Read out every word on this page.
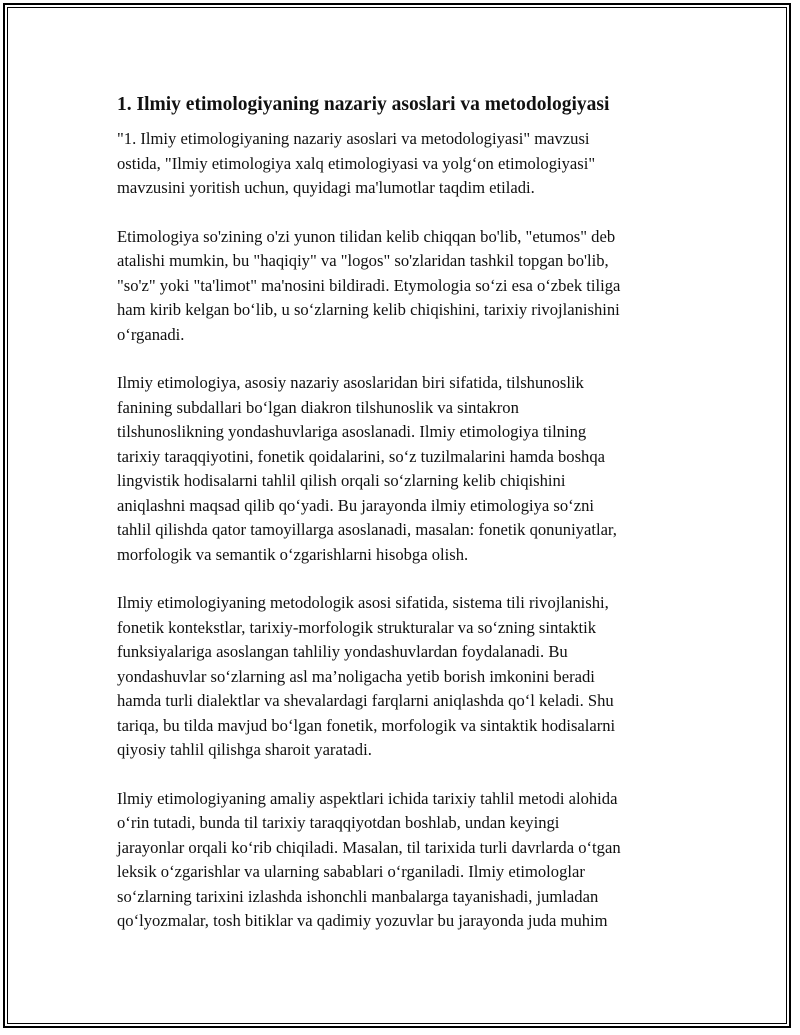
1. Ilmiy etimologiyaning nazariy asoslari va metodologiyasi

"1. Ilmiy etimologiyaning nazariy asoslari va metodologiyasi" mavzusi
ostida, "Ilmiy etimologiya xalq etimologiyasi va yolg‘on etimologiyasi"
mavzusini yoritish uchun, quyidagi ma'lumotlar taqdim etiladi.

Etimologiya so'zining o'zi yunon tilidan kelib chiqqan bo'lib, "etumos" deb
atalishi mumkin, bu "haqiqiy" va "logos" so'zlaridan tashkil topgan bo'lib,
"so'z" yoki "ta'limot" ma'nosini bildiradi. Etymologia so‘zi esa o‘zbek tiliga
ham kirib kelgan bo‘lib, u so‘zlarning kelib chiqishini, tarixiy rivojlanishini
o‘rganadi.

Ilmiy etimologiya, asosiy nazariy asoslaridan biri sifatida, tilshunoslik
fanining subdallari bo‘lgan diakron tilshunoslik va sintakron
tilshunoslikning yondashuvlariga asoslanadi. Ilmiy etimologiya tilning
tarixiy taraqqiyotini, fonetik qoidalarini, so‘z tuzilmalarini hamda boshqa
lingvistik hodisalarni tahlil qilish orqali so‘zlarning kelib chiqishini
aniqlashni maqsad qilib qo‘yadi. Bu jarayonda ilmiy etimologiya so‘zni
tahlil qilishda qator tamoyillarga asoslanadi, masalan: fonetik qonuniyatlar,
morfologik va semantik o‘zgarishlarni hisobga olish.

Ilmiy etimologiyaning metodologik asosi sifatida, sistema tili rivojlanishi,
fonetik kontekstlar, tarixiy-morfologik strukturalar va so‘zning sintaktik
funksiyalariga asoslangan tahliliy yondashuvlardan foydalanadi. Bu
yondashuvlar so‘zlarning asl ma’noligacha yetib borish imkonini beradi
hamda turli dialektlar va shevalardagi farqlarni aniqlashda qo‘l keladi. Shu
tariqa, bu tilda mavjud bo‘lgan fonetik, morfologik va sintaktik hodisalarni
qiyosiy tahlil qilishga sharoit yaratadi.

Ilmiy etimologiyaning amaliy aspektlari ichida tarixiy tahlil metodi alohida
o‘rin tutadi, bunda til tarixiy taraqqiyotdan boshlab, undan keyingi
jarayonlar orqali ko‘rib chiqiladi. Masalan, til tarixida turli davrlarda o‘tgan
leksik o‘zgarishlar va ularning sabablari o‘rganiladi. Ilmiy etimologlar
so‘zlarning tarixini izlashda ishonchli manbalarga tayanishadi, jumladan
qo‘lyozmalar, tosh bitiklar va qadimiy yozuvlar bu jarayonda juda muhim
